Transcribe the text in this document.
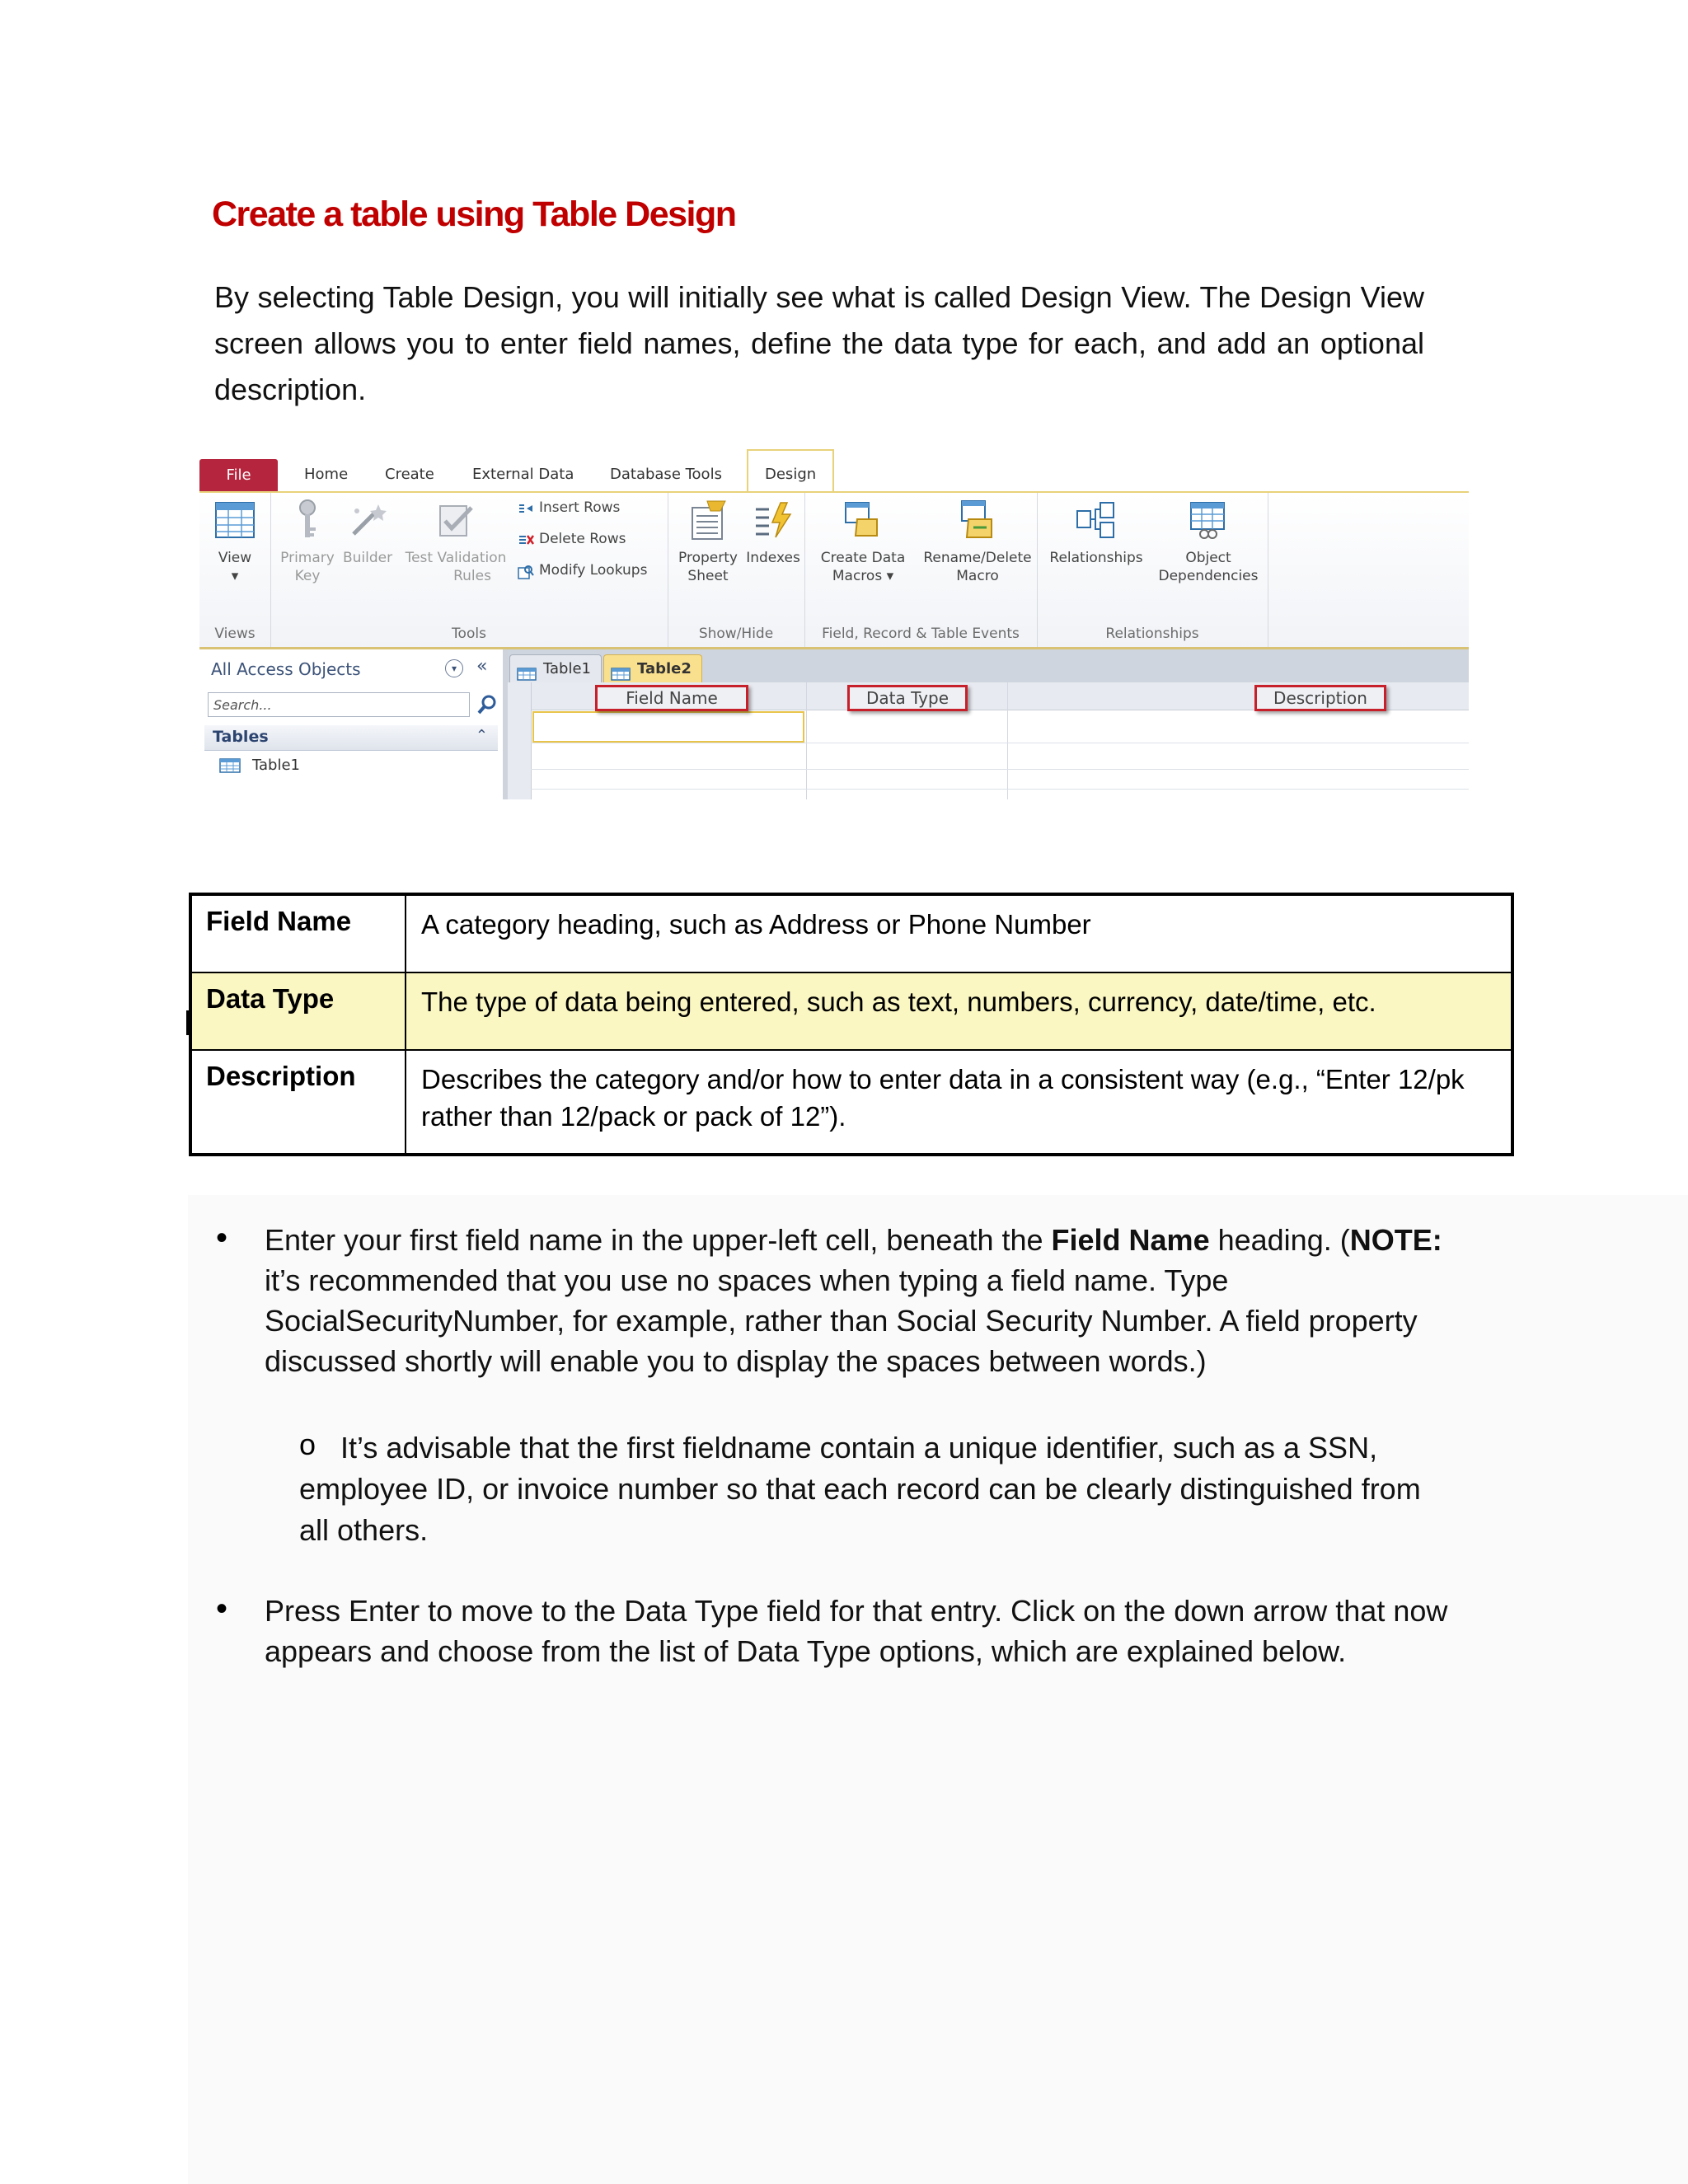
Create a table using Table Design

By selecting Table Design, you will initially see what is called Design View. The Design View screen allows you to enter field names, define the data type for each, and add an optional description.

File	Home Create	External Data Database Tools	Design
View
▾
Views
Primary
Key
Builder Test Validation
Rules
Insert Rows
Delete Rows
Modify Lookups
Tools
Property
Sheet
Indexes
Show/Hide
Create Data
Macros ▾
Rename/Delete
Macro
Field, Record & Table Events
Relationships	Object
Dependencies
Relationships
All Access Objects	▾	«
Search...
Tables	⌃
Table1
Table1	Table2
Field Name	Data Type	Description
Field Name	A category heading, such as Address or Phone Number
Data Type	The type of data being entered, such as text, numbers, currency, date/time, etc.
Description	Describes the category and/or how to enter data in a consistent way (e.g., “Enter 12/pk rather than 12/pack or pack of 12”).
• Enter your first field name in the upper-left cell, beneath the Field Name heading. (NOTE: it’s recommended that you use no spaces when typing a field name. Type SocialSecurityNumber, for example, rather than Social Security Number. A field property discussed shortly will enable you to display the spaces between words.)

o It’s advisable that the first fieldname contain a unique identifier, such as a SSN, employee ID, or invoice number so that each record can be clearly distinguished from all others.

• Press Enter to move to the Data Type field for that entry. Click on the down arrow that now appears and choose from the list of Data Type options, which are explained below.
